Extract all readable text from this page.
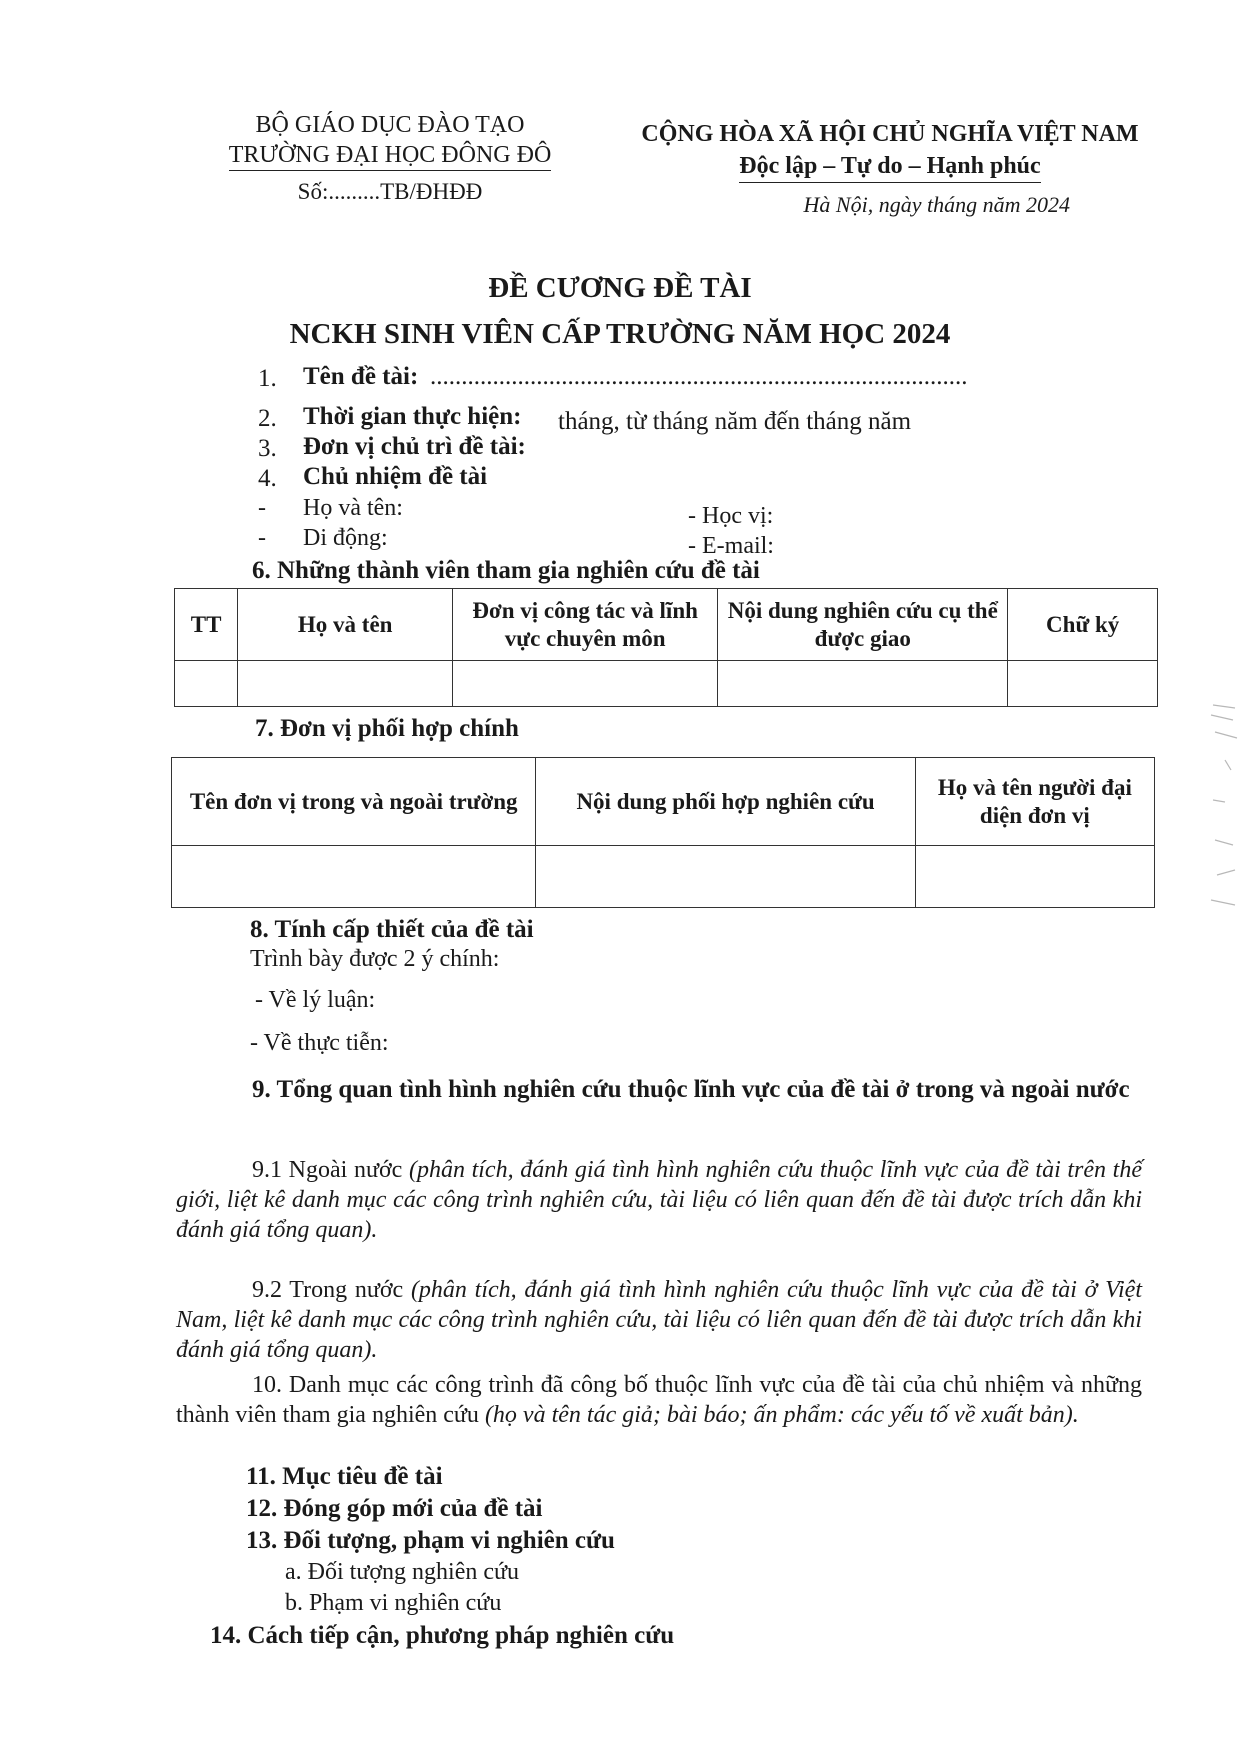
BỘ GIÁO DỤC ĐÀO TẠO
TRƯỜNG ĐẠI HỌC ĐÔNG ĐÔ
Số:.........TB/ĐHĐĐ
CỘNG HÒA XÃ HỘI CHỦ NGHĨA VIỆT NAM
Độc lập – Tự do – Hạnh phúc
Hà Nội, ngày tháng năm 2024
ĐỀ CƯƠNG ĐỀ TÀI
NCKH SINH VIÊN CẤP TRƯỜNG NĂM HỌC 2024
1. Tên đề tài: ......................................................................................
2. Thời gian thực hiện: tháng, từ tháng năm đến tháng năm
3. Đơn vị chủ trì đề tài:
4. Chủ nhiệm đề tài
- Họ và tên:	- Học vị:
- Di động:	- E-mail:
6. Những thành viên tham gia nghiên cứu đề tài
TT	Họ và tên	Đơn vị công tác và lĩnh vực chuyên môn	Nội dung nghiên cứu cụ thể được giao	Chữ ký

7. Đơn vị phối hợp chính
Tên đơn vị trong và ngoài trường	Nội dung phối hợp nghiên cứu	Họ và tên người đại diện đơn vị

8. Tính cấp thiết của đề tài
Trình bày được 2 ý chính:
- Về lý luận:
- Về thực tiễn:
9. Tổng quan tình hình nghiên cứu thuộc lĩnh vực của đề tài ở trong và ngoài nước
9.1 Ngoài nước (phân tích, đánh giá tình hình nghiên cứu thuộc lĩnh vực của đề tài trên thế giới, liệt kê danh mục các công trình nghiên cứu, tài liệu có liên quan đến đề tài được trích dẫn khi đánh giá tổng quan).
9.2 Trong nước (phân tích, đánh giá tình hình nghiên cứu thuộc lĩnh vực của đề tài ở Việt Nam, liệt kê danh mục các công trình nghiên cứu, tài liệu có liên quan đến đề tài được trích dẫn khi đánh giá tổng quan).
10. Danh mục các công trình đã công bố thuộc lĩnh vực của đề tài của chủ nhiệm và những thành viên tham gia nghiên cứu (họ và tên tác giả; bài báo; ấn phẩm: các yếu tố về xuất bản).
11. Mục tiêu đề tài
12. Đóng góp mới của đề tài
13. Đối tượng, phạm vi nghiên cứu
a. Đối tượng nghiên cứu
b. Phạm vi nghiên cứu
14. Cách tiếp cận, phương pháp nghiên cứu
